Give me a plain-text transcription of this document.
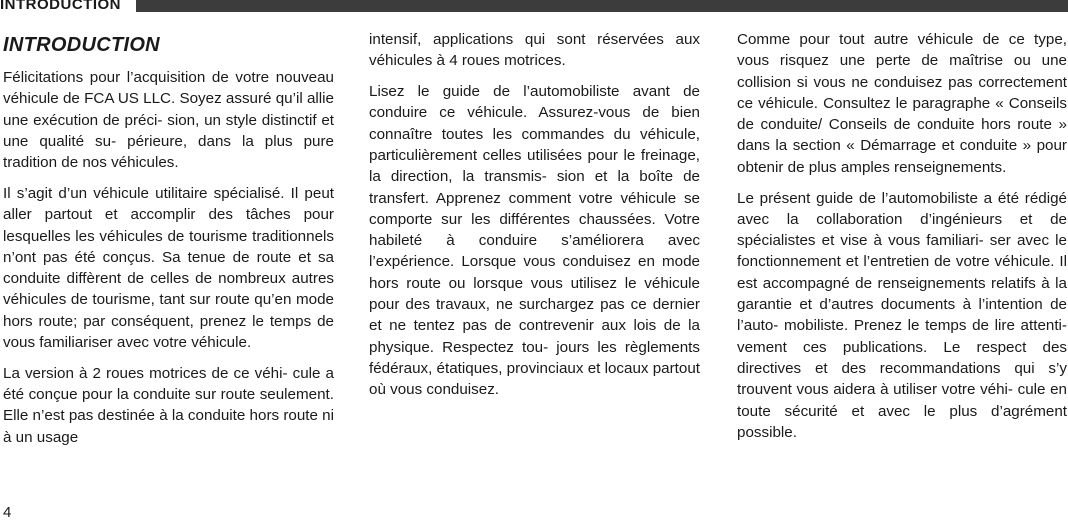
INTRODUCTION
INTRODUCTION

Félicitations pour l’acquisition de votre nouveau véhicule de FCA US LLC. Soyez assuré qu’il allie une exécution de préci- sion, un style distinctif et une qualité su- périeure, dans la plus pure tradition de nos véhicules.

Il s’agit d’un véhicule utilitaire spécialisé. Il peut aller partout et accomplir des tâches pour lesquelles les véhicules de tourisme traditionnels n’ont pas été conçus. Sa tenue de route et sa conduite diffèrent de celles de nombreux autres véhicules de tourisme, tant sur route qu’en mode hors route; par conséquent, prenez le temps de vous familiariser avec votre véhicule.

La version à 2 roues motrices de ce véhi- cule a été conçue pour la conduite sur route seulement. Elle n’est pas destinée à la conduite hors route ni à un usage

intensif, applications qui sont réservées aux véhicules à 4 roues motrices.

Lisez le guide de l’automobiliste avant de conduire ce véhicule. Assurez-vous de bien connaître toutes les commandes du véhicule, particulièrement celles utilisées pour le freinage, la direction, la transmis- sion et la boîte de transfert. Apprenez comment votre véhicule se comporte sur les différentes chaussées. Votre habileté à conduire s’améliorera avec l’expérience. Lorsque vous conduisez en mode hors route ou lorsque vous utilisez le véhicule pour des travaux, ne surchargez pas ce dernier et ne tentez pas de contrevenir aux lois de la physique. Respectez tou- jours les règlements fédéraux, étatiques, provinciaux et locaux partout où vous conduisez.

Comme pour tout autre véhicule de ce type, vous risquez une perte de maîtrise ou une collision si vous ne conduisez pas correctement ce véhicule. Consultez le paragraphe « Conseils de conduite/ Conseils de conduite hors route » dans la section « Démarrage et conduite » pour obtenir de plus amples renseignements.

Le présent guide de l’automobiliste a été rédigé avec la collaboration d’ingénieurs et de spécialistes et vise à vous familiari- ser avec le fonctionnement et l’entretien de votre véhicule. Il est accompagné de renseignements relatifs à la garantie et d’autres documents à l’intention de l’auto- mobiliste. Prenez le temps de lire attenti- vement ces publications. Le respect des directives et des recommandations qui s’y trouvent vous aidera à utiliser votre véhi- cule en toute sécurité et avec le plus d’agrément possible.

4
